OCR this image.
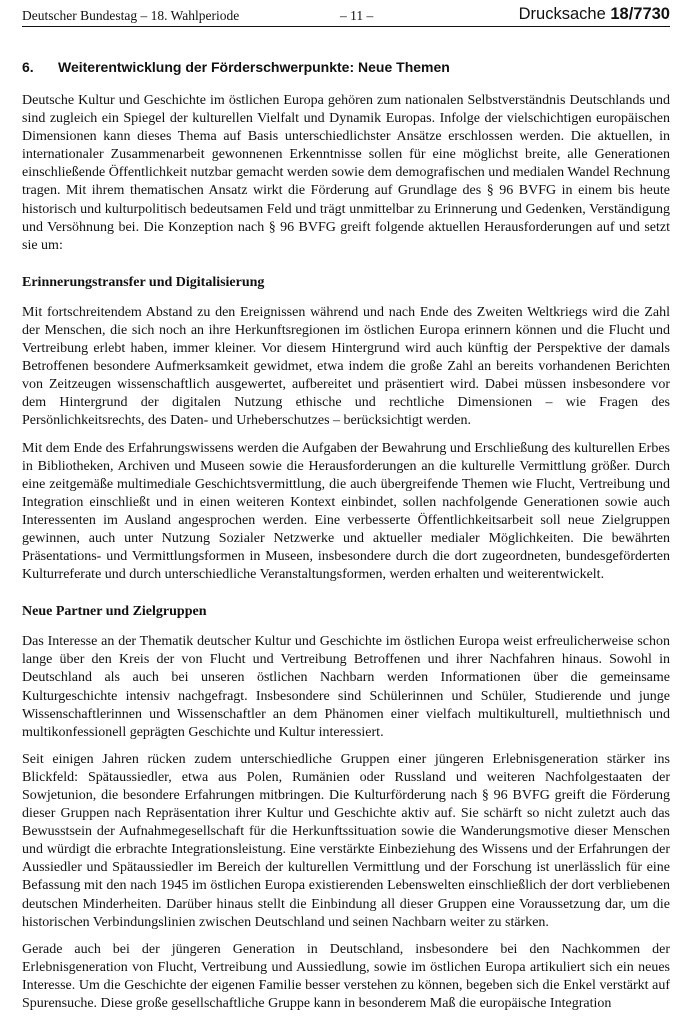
Deutscher Bundestag – 18. Wahlperiode	– 11 –	Drucksache 18/7730
6. Weiterentwicklung der Förderschwerpunkte: Neue Themen

Deutsche Kultur und Geschichte im östlichen Europa gehören zum nationalen Selbstverständnis Deutschlands und sind zugleich ein Spiegel der kulturellen Vielfalt und Dynamik Europas. Infolge der vielschichtigen europäischen Dimensionen kann dieses Thema auf Basis unterschiedlichster Ansätze erschlossen werden. Die aktuellen, in internationaler Zusammenarbeit gewonnenen Erkenntnisse sollen für eine möglichst breite, alle Generationen einschließende Öffentlichkeit nutzbar gemacht werden sowie dem demografischen und medialen Wandel Rechnung tragen. Mit ihrem thematischen Ansatz wirkt die Förderung auf Grundlage des § 96 BVFG in einem bis heute historisch und kulturpolitisch bedeutsamen Feld und trägt unmittelbar zu Erinnerung und Gedenken, Verständigung und Versöhnung bei. Die Konzeption nach § 96 BVFG greift folgende aktuellen Herausforderungen auf und setzt sie um:

Erinnerungstransfer und Digitalisierung

Mit fortschreitendem Abstand zu den Ereignissen während und nach Ende des Zweiten Weltkriegs wird die Zahl der Menschen, die sich noch an ihre Herkunftsregionen im östlichen Europa erinnern können und die Flucht und Vertreibung erlebt haben, immer kleiner. Vor diesem Hintergrund wird auch künftig der Perspektive der damals Betroffenen besondere Aufmerksamkeit gewidmet, etwa indem die große Zahl an bereits vorhandenen Berichten von Zeitzeugen wissenschaftlich ausgewertet, aufbereitet und präsentiert wird. Dabei müssen insbesondere vor dem Hintergrund der digitalen Nutzung ethische und rechtliche Dimensionen – wie Fragen des Persönlichkeitsrechts, des Daten- und Urheberschutzes – berücksichtigt werden.

Mit dem Ende des Erfahrungswissens werden die Aufgaben der Bewahrung und Erschließung des kulturellen Erbes in Bibliotheken, Archiven und Museen sowie die Herausforderungen an die kulturelle Vermittlung größer. Durch eine zeitgemäße multimediale Geschichtsvermittlung, die auch übergreifende Themen wie Flucht, Vertreibung und Integration einschließt und in einen weiteren Kontext einbindet, sollen nachfolgende Generationen sowie auch Interessenten im Ausland angesprochen werden. Eine verbesserte Öffentlichkeitsarbeit soll neue Zielgruppen gewinnen, auch unter Nutzung Sozialer Netzwerke und aktueller medialer Möglichkeiten. Die bewährten Präsentations- und Vermittlungsformen in Museen, insbesondere durch die dort zugeordneten, bundesgeförderten Kulturreferate und durch unterschiedliche Veranstaltungsformen, werden erhalten und weiterentwickelt.

Neue Partner und Zielgruppen

Das Interesse an der Thematik deutscher Kultur und Geschichte im östlichen Europa weist erfreulicherweise schon lange über den Kreis der von Flucht und Vertreibung Betroffenen und ihrer Nachfahren hinaus. Sowohl in Deutschland als auch bei unseren östlichen Nachbarn werden Informationen über die gemeinsame Kulturgeschichte intensiv nachgefragt. Insbesondere sind Schülerinnen und Schüler, Studierende und junge Wissenschaftlerinnen und Wissenschaftler an dem Phänomen einer vielfach multikulturell, multiethnisch und multikonfessionell geprägten Geschichte und Kultur interessiert.

Seit einigen Jahren rücken zudem unterschiedliche Gruppen einer jüngeren Erlebnisgeneration stärker ins Blickfeld: Spätaussiedler, etwa aus Polen, Rumänien oder Russland und weiteren Nachfolgestaaten der Sowjetunion, die besondere Erfahrungen mitbringen. Die Kulturförderung nach § 96 BVFG greift die Förderung dieser Gruppen nach Repräsentation ihrer Kultur und Geschichte aktiv auf. Sie schärft so nicht zuletzt auch das Bewusstsein der Aufnahmegesellschaft für die Herkunftssituation sowie die Wanderungsmotive dieser Menschen und würdigt die erbrachte Integrationsleistung. Eine verstärkte Einbeziehung des Wissens und der Erfahrungen der Aussiedler und Spätaussiedler im Bereich der kulturellen Vermittlung und der Forschung ist unerlässlich für eine Befassung mit den nach 1945 im östlichen Europa existierenden Lebenswelten einschließlich der dort verbliebenen deutschen Minderheiten. Darüber hinaus stellt die Einbindung all dieser Gruppen eine Voraussetzung dar, um die historischen Verbindungslinien zwischen Deutschland und seinen Nachbarn weiter zu stärken.

Gerade auch bei der jüngeren Generation in Deutschland, insbesondere bei den Nachkommen der Erlebnisgeneration von Flucht, Vertreibung und Aussiedlung, sowie im östlichen Europa artikuliert sich ein neues Interesse. Um die Geschichte der eigenen Familie besser verstehen zu können, begeben sich die Enkel verstärkt auf Spurensuche. Diese große gesellschaftliche Gruppe kann in besonderem Maß die europäische Integration
